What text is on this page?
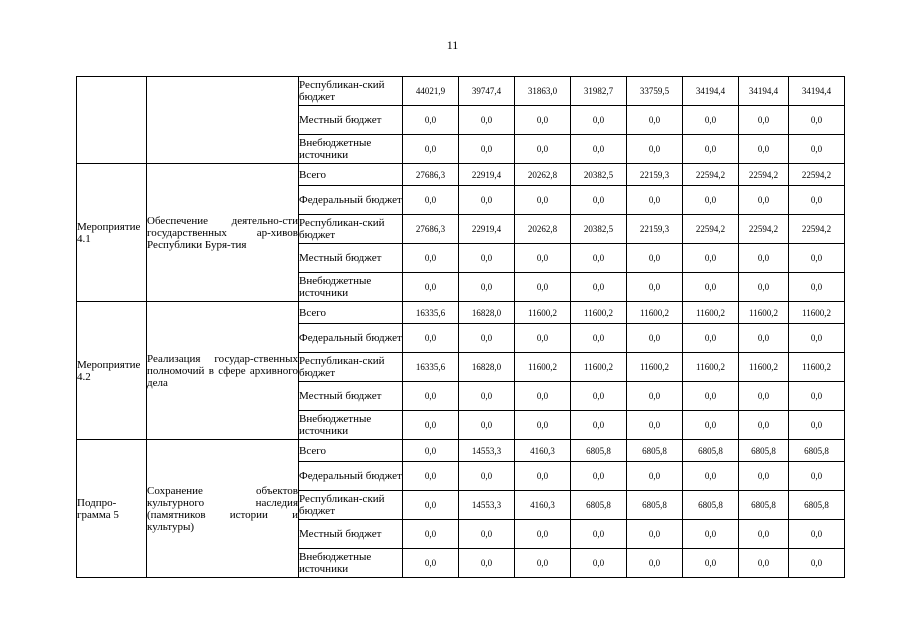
11
		Республикан-ский бюджет	44021,9	39747,4	31863,0	31982,7	33759,5	34194,4	34194,4	34194,4
		Местный бюджет	0,0	0,0	0,0	0,0	0,0	0,0	0,0	0,0
		Внебюджетные источники	0,0	0,0	0,0	0,0	0,0	0,0	0,0	0,0
Мероприятие 4.1	Обеспечение деятельно-сти государственных ар-хивов Республики Буря-тия	Всего	27686,3	22919,4	20262,8	20382,5	22159,3	22594,2	22594,2	22594,2
		Федеральный бюджет	0,0	0,0	0,0	0,0	0,0	0,0	0,0	0,0
		Республикан-ский бюджет	27686,3	22919,4	20262,8	20382,5	22159,3	22594,2	22594,2	22594,2
		Местный бюджет	0,0	0,0	0,0	0,0	0,0	0,0	0,0	0,0
		Внебюджетные источники	0,0	0,0	0,0	0,0	0,0	0,0	0,0	0,0
Мероприятие 4.2	Реализация государ-ственных полномочий в сфере архивного дела	Всего	16335,6	16828,0	11600,2	11600,2	11600,2	11600,2	11600,2	11600,2
		Федеральный бюджет	0,0	0,0	0,0	0,0	0,0	0,0	0,0	0,0
		Республикан-ский бюджет	16335,6	16828,0	11600,2	11600,2	11600,2	11600,2	11600,2	11600,2
		Местный бюджет	0,0	0,0	0,0	0,0	0,0	0,0	0,0	0,0
		Внебюджетные источники	0,0	0,0	0,0	0,0	0,0	0,0	0,0	0,0
Подпро-грамма 5	Сохранение объектов культурного наследия (памятников истории и культуры)	Всего	0,0	14553,3	4160,3	6805,8	6805,8	6805,8	6805,8	6805,8
		Федеральный бюджет	0,0	0,0	0,0	0,0	0,0	0,0	0,0	0,0
		Республикан-ский бюджет	0,0	14553,3	4160,3	6805,8	6805,8	6805,8	6805,8	6805,8
		Местный бюджет	0,0	0,0	0,0	0,0	0,0	0,0	0,0	0,0
		Внебюджетные источники	0,0	0,0	0,0	0,0	0,0	0,0	0,0	0,0
